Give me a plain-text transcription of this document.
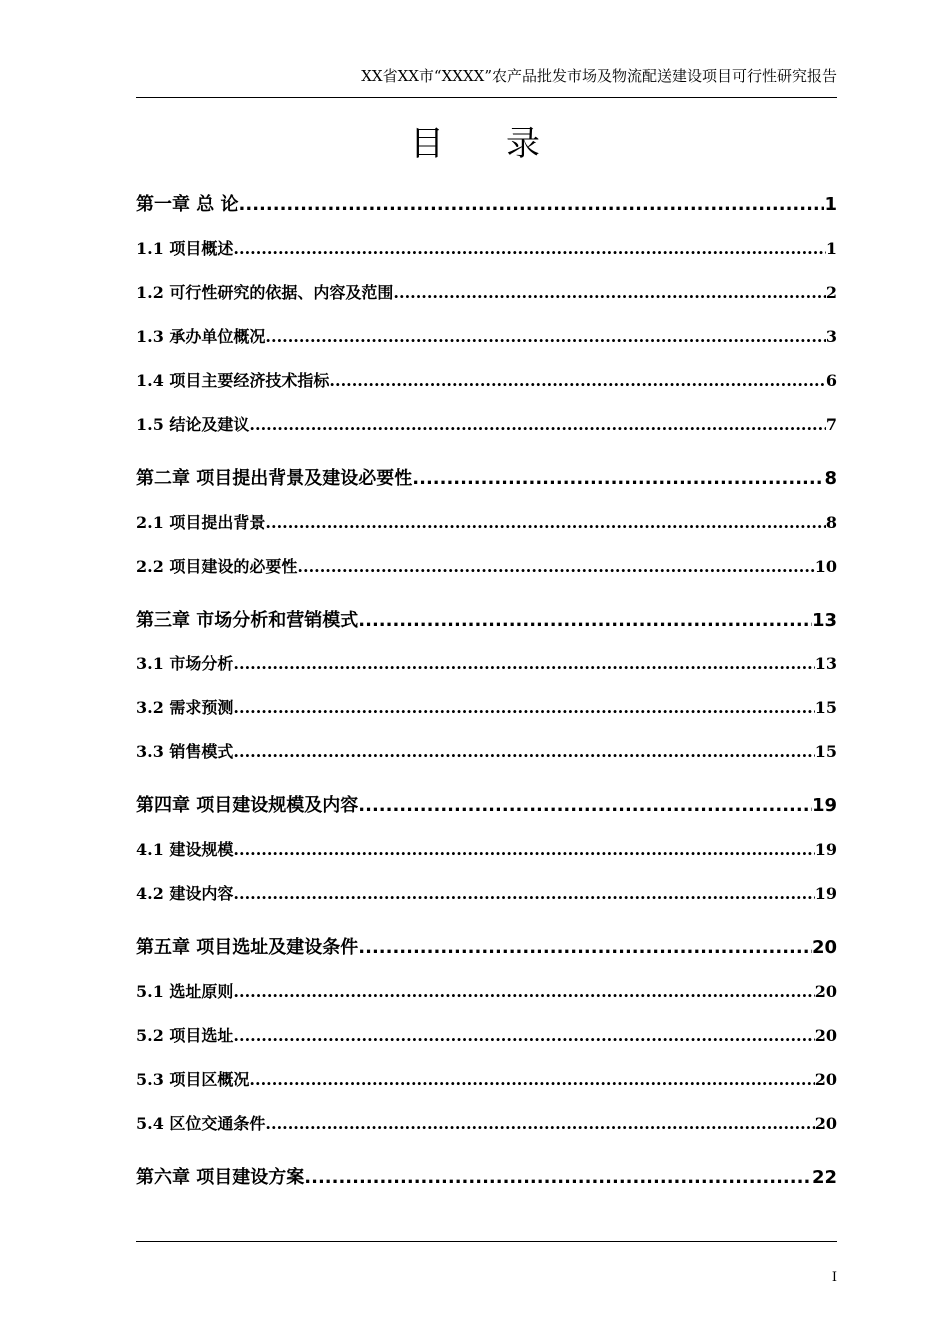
XX省XX市“XXXX”农产品批发市场及物流配送建设项目可行性研究报告
目录
第一章 总 论 .....	1
1.1 项目概述 .....	1
1.2 可行性研究的依据、内容及范围 .....	2
1.3 承办单位概况 .....	3
1.4 项目主要经济技术指标 .....	6
1.5 结论及建议 .....	7
第二章 项目提出背景及建设必要性 .....	8
2.1 项目提出背景 .....	8
2.2 项目建设的必要性 .....	10
第三章 市场分析和营销模式 .....	13
3.1 市场分析 .....	13
3.2 需求预测 .....	15
3.3 销售模式 .....	15
第四章 项目建设规模及内容 .....	19
4.1 建设规模 .....	19
4.2 建设内容 .....	19
第五章 项目选址及建设条件 .....	20
5.1 选址原则 .....	20
5.2 项目选址 .....	20
5.3 项目区概况 .....	20
5.4 区位交通条件 .....	20
第六章 项目建设方案 .....	22
I
